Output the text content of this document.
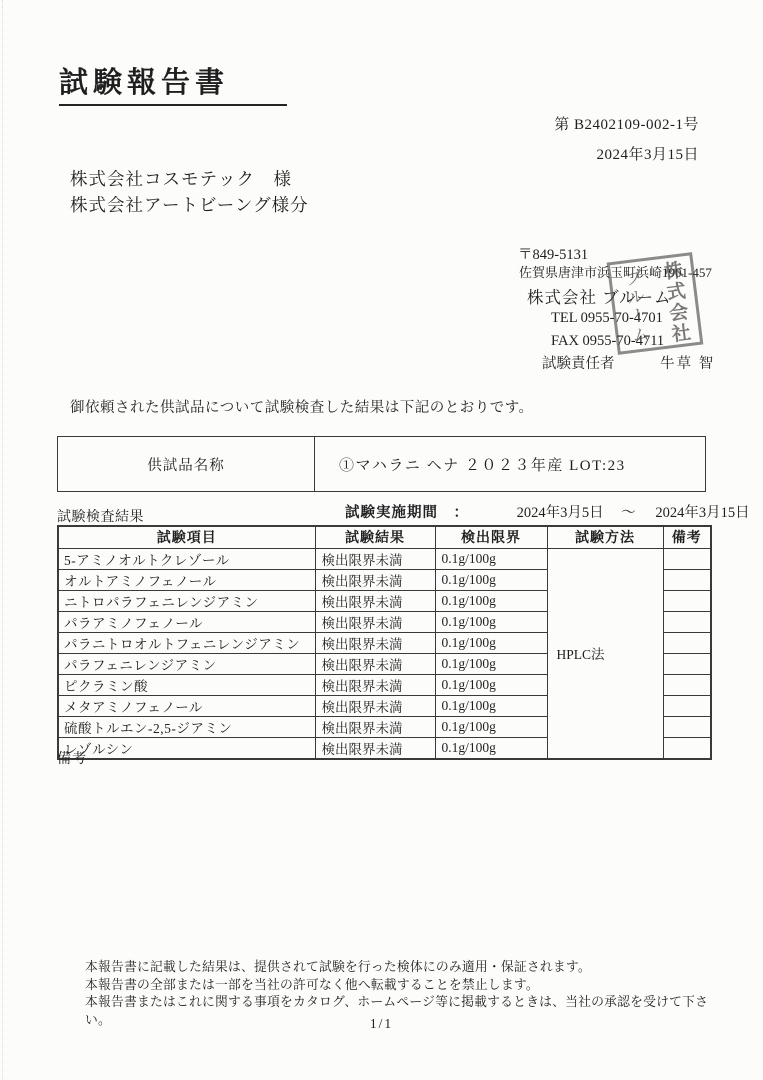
試験報告書
第 B2402109-002-1号
2024年3月15日
株式会社コスモテック　様
株式会社アートビーング様分
〒849-5131
佐賀県唐津市浜玉町浜崎1901-457
株式会社 ブルーム
TEL 0955-70-4701
FAX 0955-70-4711
試験責任者	牛草 智
株式会社
ブルーム
御依頼された供試品について試験検査した結果は下記のとおりです。
供試品名称	①マハラニ ヘナ ２０２３年産 LOT:23
試験検査結果	試験実施期間　：	2024年3月5日 ～ 2024年3月15日
試験項目	試験結果	検出限界	試験方法	備考
5-アミノオルトクレゾール	検出限界未満	0.1g/100g	HPLC法	
オルトアミノフェノール	検出限界未満	0.1g/100g		
ニトロパラフェニレンジアミン	検出限界未満	0.1g/100g		
パラアミノフェノール	検出限界未満	0.1g/100g		
パラニトロオルトフェニレンジアミン	検出限界未満	0.1g/100g		
パラフェニレンジアミン	検出限界未満	0.1g/100g		
ピクラミン酸	検出限界未満	0.1g/100g		
メタアミノフェノール	検出限界未満	0.1g/100g		
硫酸トルエン-2,5-ジアミン	検出限界未満	0.1g/100g		
レゾルシン	検出限界未満	0.1g/100g		
備考
本報告書に記載した結果は、提供されて試験を行った検体にのみ適用・保証されます。
本報告書の全部または一部を当社の許可なく他へ転載することを禁止します。
本報告書またはこれに関する事項をカタログ、ホームページ等に掲載するときは、当社の承認を受けて下さい。	1/1
